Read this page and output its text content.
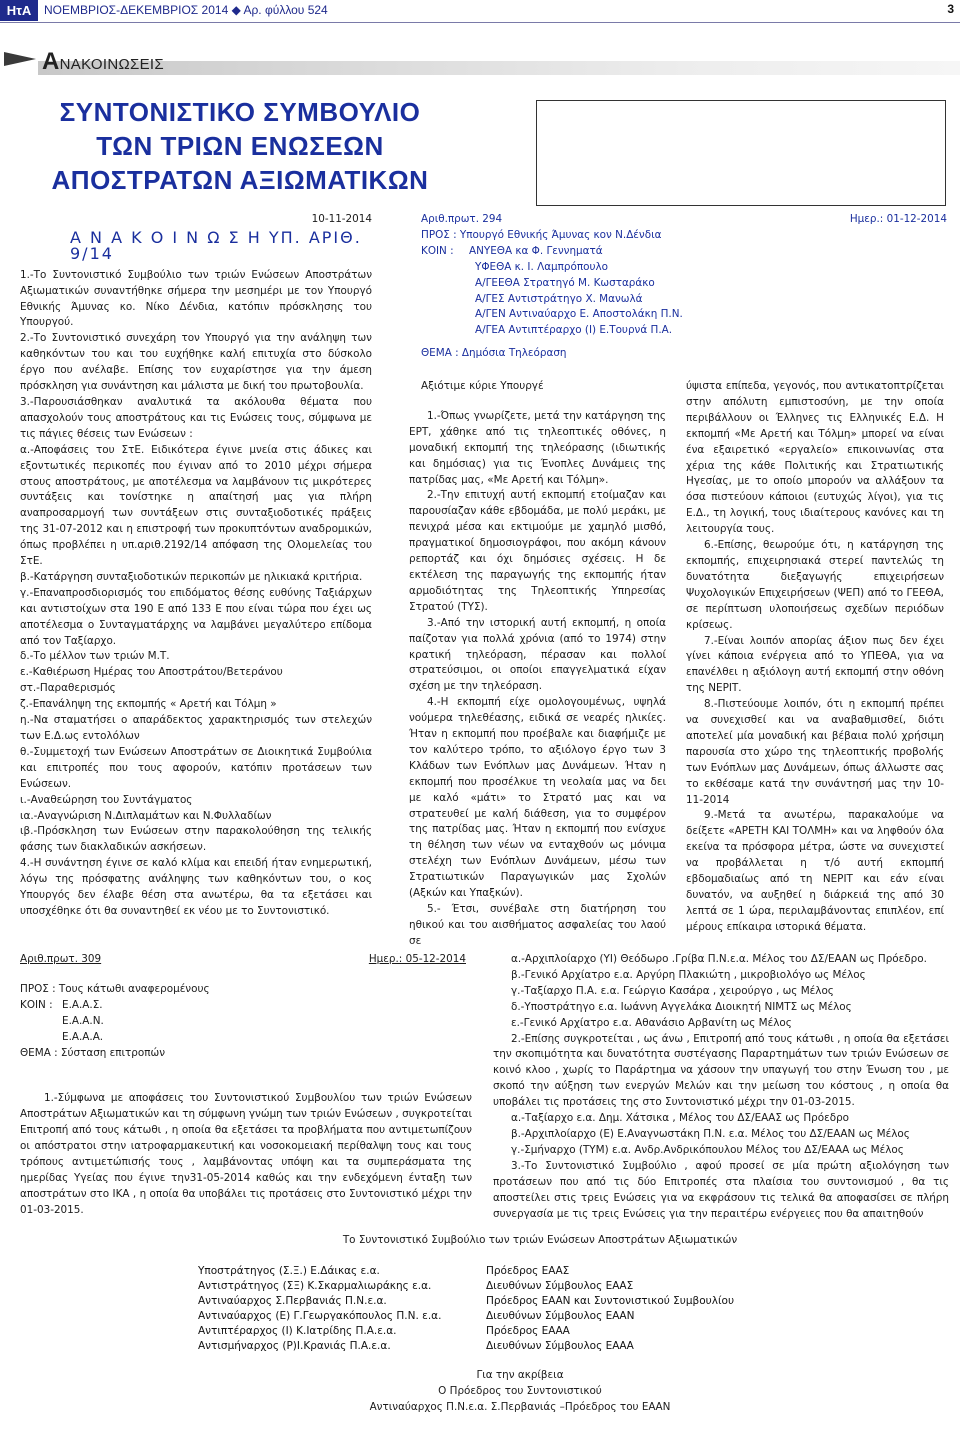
ΗτΑ	ΝΟΕΜΒΡΙΟΣ-ΔΕΚΕΜΒΡΙΟΣ 2014 ◆ Αρ. φύλλου 524	3
ΑΝΑΚΟΙΝΩΣΕΙΣ
ΣΥΝΤΟΝΙΣΤΙΚΟ ΣΥΜΒΟΥΛΙΟ
ΤΩΝ ΤΡΙΩΝ ΕΝΩΣΕΩΝ
ΑΠΟΣΤΡΑΤΩΝ ΑΞΙΩΜΑΤΙΚΩΝ

10-11-2014

Α Ν Α Κ Ο Ι Ν Ω Σ Η ΥΠ. ΑΡΙΘ. 9/14

1.-Το Συντονιστικό Συμβούλιο των τριών Ενώσεων Αποστράτων Αξιωματικών συναντήθηκε σήμερα την μεσημέρι με τον Υπουργό Εθνικής Άμυνας κο. Νίκο Δένδια, κατόπιν πρόσκλησης του Υπουργού.

2.-Το Συντονιστικό συνεχάρη τον Υπουργό για την ανάληψη των καθηκόντων του και του ευχήθηκε καλή επιτυχία στο δύσκολο έργο που ανέλαβε. Επίσης τον ευχαρίστησε για την άμεση πρόσκληση για συνάντηση και μάλιστα με δική του πρωτοβουλία.

3.-Παρουσιάσθηκαν αναλυτικά τα ακόλουθα θέματα που απασχολούν τους αποστράτους και τις Ενώσεις τους, σύμφωνα με τις πάγιες θέσεις των Ενώσεων :

α.-Αποφάσεις του ΣτΕ. Ειδικότερα έγινε μνεία στις άδικες και εξοντωτικές περικοπές που έγιναν από το 2010 μέχρι σήμερα στους αποστράτους, με αποτέλεσμα να λαμβάνουν τις μικρότερες συντάξεις και τονίστηκε η απαίτησή μας για πλήρη αναπροσαρμογή των συντάξεων στις συνταξιοδοτικές πράξεις της 31-07-2012 και η επιστροφή των προκυπτόντων αναδρομικών, όπως προβλέπει η υπ.αριθ.2192/14 απόφαση της Ολομελείας του ΣτΕ.

β.-Κατάργηση συνταξιοδοτικών περικοπών με ηλικιακά κριτήρια.

γ.-Επαναπροσδιορισμός του επιδόματος θέσης ευθύνης Ταξιάρχων και αντιστοίχων στα 190 Ε από 133 Ε που είναι τώρα που έχει ως αποτέλεσμα ο Συνταγματάρχης να λαμβάνει μεγαλύτερο επίδομα από τον Ταξίαρχο.

δ.-Το μέλλον των τριών Μ.Τ.

ε.-Καθιέρωση Ημέρας του Αποστράτου/Βετεράνου

στ.-Παραθερισμός

ζ.-Επανάληψη της εκπομπής « Αρετή και Τόλμη »

η.-Να σταματήσει ο απαράδεκτος χαρακτηρισμός των στελεχών των Ε.Δ.ως εντολόλων

θ.-Συμμετοχή των Ενώσεων Αποστράτων σε Διοικητικά Συμβούλια και επιτροπές που τους αφορούν, κατόπιν προτάσεων των Ενώσεων.

ι.-Αναθεώρηση του Συντάγματος

ια.-Αναγνώριση Ν.Διπλαμάτων και Ν.Φυλλαδίων

ιβ.-Πρόσκληση των Ενώσεων στην παρακολούθηση της τελικής φάσης των διακλαδικών ασκήσεων.

4.-Η συνάντηση έγινε σε καλό κλίμα και επειδή ήταν ενημερωτική, λόγω της πρόσφατης ανάληψης των καθηκόντων του, ο κος Υπουργός δεν έλαβε θέση στα ανωτέρω, θα τα εξετάσει και υποσχέθηκε ότι θα συναντηθεί εκ νέου με το Συντονιστικό.

Αριθ.πρωτ. 294	Ημερ.: 01-12-2014

ΠΡΟΣ : Υπουργό Εθνικής Άμυνας κον Ν.Δένδια

ΚΟΙΝ :	ΑΝΥΕΘΑ κα Φ. Γεννηματά

ΥΦΕΘΑ κ. Ι. Λαμπρόπουλο

Α/ΓΕΕΘΑ Στρατηγό Μ. Κωσταράκο

Α/ΓΕΣ Αντιστράτηγο Χ. Μανωλά

Α/ΓΕΝ Αντιναύαρχο Ε. Αποστολάκη Π.Ν.

Α/ΓΕΑ Αντιπτέραρχο (Ι) Ε.Τουρνά Π.Α.

ΘΕΜΑ : Δημόσια Τηλεόραση

Αξιότιμε κύριε Υπουργέ

1.-Όπως γνωρίζετε, μετά την κατάργηση της ΕΡΤ, χάθηκε από τις τηλεοπτικές οθόνες, η μοναδική εκπομπή της τηλεόρασης (ιδιωτικής και δημόσιας) για τις Ένοπλες Δυνάμεις της πατρίδας μας, «Με Αρετή και Τόλμη».

2.-Την επιτυχή αυτή εκπομπή ετοίμαζαν και παρουσίαζαν κάθε εβδομάδα, με πολύ μεράκι, με πενιχρά μέσα και εκτιμούμε με χαμηλό μισθό, πραγματικοί δημοσιογράφοι, που ακόμη κάνουν ρεπορτάζ και όχι δημόσιες σχέσεις. Η δε εκτέλεση της παραγωγής της εκπομπής ήταν αρμοδιότητας της Τηλεοπτικής Υπηρεσίας Στρατού (ΤΥΣ).

3.-Από την ιστορική αυτή εκπομπή, η οποία παίζοταν για πολλά χρόνια (από το 1974) στην κρατική τηλεόραση, πέρασαν και πολλοί στρατεύσιμοι, οι οποίοι επαγγελματικά είχαν σχέση με την τηλεόραση.

4.-Η εκπομπή είχε ομολογουμένως, υψηλά νούμερα τηλεθέασης, ειδικά σε νεαρές ηλικίες. Ήταν η εκπομπή που προέβαλε και διαφήμιζε με τον καλύτερο τρόπο, το αξιόλογο έργο των 3 Κλάδων των Ενόπλων μας Δυνάμεων. Ήταν η εκπομπή που προσέλκυε τη νεολαία μας να δει με καλό «μάτι» το Στρατό μας και να στρατευθεί με καλή διάθεση, για το συμφέρον της πατρίδας μας. Ήταν η εκπομπή που ενίσχυε τη θέληση των νέων να ενταχθούν ως μόνιμα στελέχη των Ενόπλων Δυνάμεων, μέσω των Στρατιωτικών Παραγωγικών μας Σχολών (Αξκών και Υπαξκών).

5.- Έτσι, συνέβαλε στη διατήρηση του ηθικού και του αισθήματος ασφαλείας του λαού σε

ύψιστα επίπεδα, γεγονός, που αντικατοπτρίζεται στην απόλυτη εμπιστοσύνη, με την οποία περιβάλλουν οι Έλληνες τις Ελληνικές Ε.Δ. Η εκπομπή «Με Αρετή και Τόλμη» μπορεί να είναι ένα εξαιρετικό «εργαλείο» επικοινωνίας στα χέρια της κάθε Πολιτικής και Στρατιωτικής Ηγεσίας, με το οποίο μπορούν να αλλάξουν τα όσα πιστεύουν κάποιοι (ευτυχώς λίγοι), για τις Ε.Δ., τη λογική, τους ιδιαίτερους κανόνες και τη λειτουργία τους.

6.-Επίσης, θεωρούμε ότι, η κατάργηση της εκπομπής, επιχειρησιακά στερεί παντελώς τη δυνατότητα διεξαγωγής επιχειρήσεων Ψυχολογικών Επιχειρήσεων (ΨΕΠ) από το ΓΕΕΘΑ, σε περίπτωση υλοποιήσεως σχεδίων περιόδων κρίσεως.

7.-Είναι λοιπόν απορίας άξιον πως δεν έχει γίνει κάποια ενέργεια από το ΥΠΕΘΑ, για να επανέλθει η αξιόλογη αυτή εκπομπή στην οθόνη της ΝΕΡΙΤ.

8.-Πιστεύουμε λοιπόν, ότι η εκπομπή πρέπει να συνεχισθεί και να αναβαθμισθεί, διότι αποτελεί μία μοναδική και βέβαια πολύ χρήσιμη παρουσία στο χώρο της τηλεοπτικής προβολής των Ενόπλων μας Δυνάμεων, όπως άλλωστε σας το εκθέσαμε κατά την συνάντησή μας την 10-11-2014

9.-Μετά τα ανωτέρω, παρακαλούμε να δείξετε «ΑΡΕΤΗ ΚΑΙ ΤΟΛΜΗ» και να ληφθούν όλα εκείνα τα πρόσφορα μέτρα, ώστε να συνεχιστεί να προβάλλεται η τ/ό αυτή εκπομπή εβδομαδιαίως από τη ΝΕΡΙΤ και εάν είναι δυνατόν, να αυξηθεί η διάρκειά της από 30 λεπτά σε 1 ώρα, περιλαμβάνοντας επιπλέον, επί μέρους επίκαιρα ιστορικά θέματα.

Αριθ.πρωτ. 309	Ημερ.: 05-12-2014

ΠΡΟΣ : Τους κάτωθι αναφερομένους

ΚΟΙΝ : Ε.Α.Α.Σ.

Ε.Α.Α.Ν.

Ε.Α.Α.Α.

ΘΕΜΑ : Σύσταση επιτροπών

1.-Σύμφωνα με αποφάσεις του Συντονιστικού Συμβουλίου των τριών Ενώσεων Αποστράτων Αξιωματικών και τη σύμφωνη γνώμη των τριών Ενώσεων , συγκροτείται Επιτροπή από τους κάτωθι , η οποία θα εξετάσει τα προβλήματα που αντιμετωπίζουν οι απόστρατοι στην ιατροφαρμακευτική και νοσοκομειακή περίθαλψη τους και τους τρόπους αντιμετώπισής τους , λαμβάνοντας υπόψη και τα συμπεράσματα της ημερίδας Υγείας που έγινε την31-05-2014 καθώς και την ενδεχόμενη ένταξη των αποστράτων στο ΙΚΑ , η οποία θα υποβάλει τις προτάσεις στο Συντονιστικό μέχρι την 01-03-2015.

α.-Αρχιπλοίαρχο (ΥΙ) Θεόδωρο .Γρίβα Π.Ν.ε.α. Μέλος του ΔΣ/ΕΑΑΝ ως Πρόεδρο.

β.-Γενικό Αρχίατρο ε.α. Αργύρη Πλακιώτη , μικροβιολόγο ως Μέλος

γ.-Ταξίαρχο Π.Α. ε.α. Γεώργιο Κασάρα , χειρούργο , ως Μέλος

δ.-Υποστράτηγο ε.α. Ιωάννη Αγγελάκα Διοικητή ΝΙΜΤΣ ως Μέλος

ε.-Γενικό Αρχίατρο ε.α. Αθανάσιο Αρβανίτη ως Μέλος

2.-Επίσης συγκροτείται , ως άνω , Επιτροπή από τους κάτωθι , η οποία θα εξετάσει την σκοπιμότητα και δυνατότητα συστέγασης Παραρτημάτων των τριών Ενώσεων σε κοινό κλοο , χωρίς το Παράρτημα να χάσουν την υπαγωγή του στην Ένωση του , με σκοπό την αύξηση των ενεργών Μελών και την μείωση του κόστους , η οποία θα υποβάλει τις προτάσεις της στο Συντονιστικό μέχρι την 01-03-2015.

α.-Ταξίαρχο ε.α. Δημ. Χάτσικα , Μέλος του ΔΣ/ΕΑΑΣ ως Πρόεδρο

β.-Αρχιπλοίαρχο (Ε) Ε.Αναγνωστάκη Π.Ν. ε.α. Μέλος του ΔΣ/ΕΑΑΝ ως Μέλος

γ.-Σμήναρχο (ΤΥΜ) ε.α. Ανδρ.Ανδρικόπουλου Μέλος του ΔΣ/ΕΑΑΑ ως Μέλος

3.-Το Συντονιστικό Συμβούλιο , αφού προσεί σε μία πρώτη αξιολόγηση των προτάσεων που από τις δύο Επιτροπές στα πλαίσια του συντονισμού , θα τις αποστείλει στις τρεις Ενώσεις για να εκφράσουν τις τελικά θα αποφασίσει σε πλήρη συνεργασία με τις τρεις Ενώσεις για την περαιτέρω ενέργειες που θα απαιτηθούν

Το Συντονιστικό Συμβούλιο των τριών Ενώσεων Αποστράτων Αξιωματικών
Υποστράτηγος (Σ.Ξ.) Ε.Δάικας ε.α.	Πρόεδρος ΕΑΑΣ
Αντιστράτηγος (ΣΞ) Κ.Σκαρμαλιωράκης ε.α.	Διευθύνων Σύμβουλος ΕΑΑΣ
Αντιναύαρχος Σ.Περβανιάς Π.Ν.ε.α.	Πρόεδρος ΕΑΑΝ και Συντονιστικού Συμβουλίου
Αντιναύαρχος (Ε) Γ.Γεωργακόπουλος Π.Ν. ε.α.	Διευθύνων Σύμβουλος ΕΑΑΝ
Αντιπτέραρχος (Ι) Κ.Ιατρίδης Π.Α.ε.α.	Πρόεδρος ΕΑΑΑ
Αντισμήναρχος (Ρ)Ι.Κρανιάς Π.Α.ε.α.	Διευθύνων Σύμβουλος ΕΑΑΑ
Για την ακρίβεια
Ο Πρόεδρος του Συντονιστικού
Αντιναύαρχος Π.Ν.ε.α. Σ.Περβανιάς –Πρόεδρος του ΕΑΑΝ
